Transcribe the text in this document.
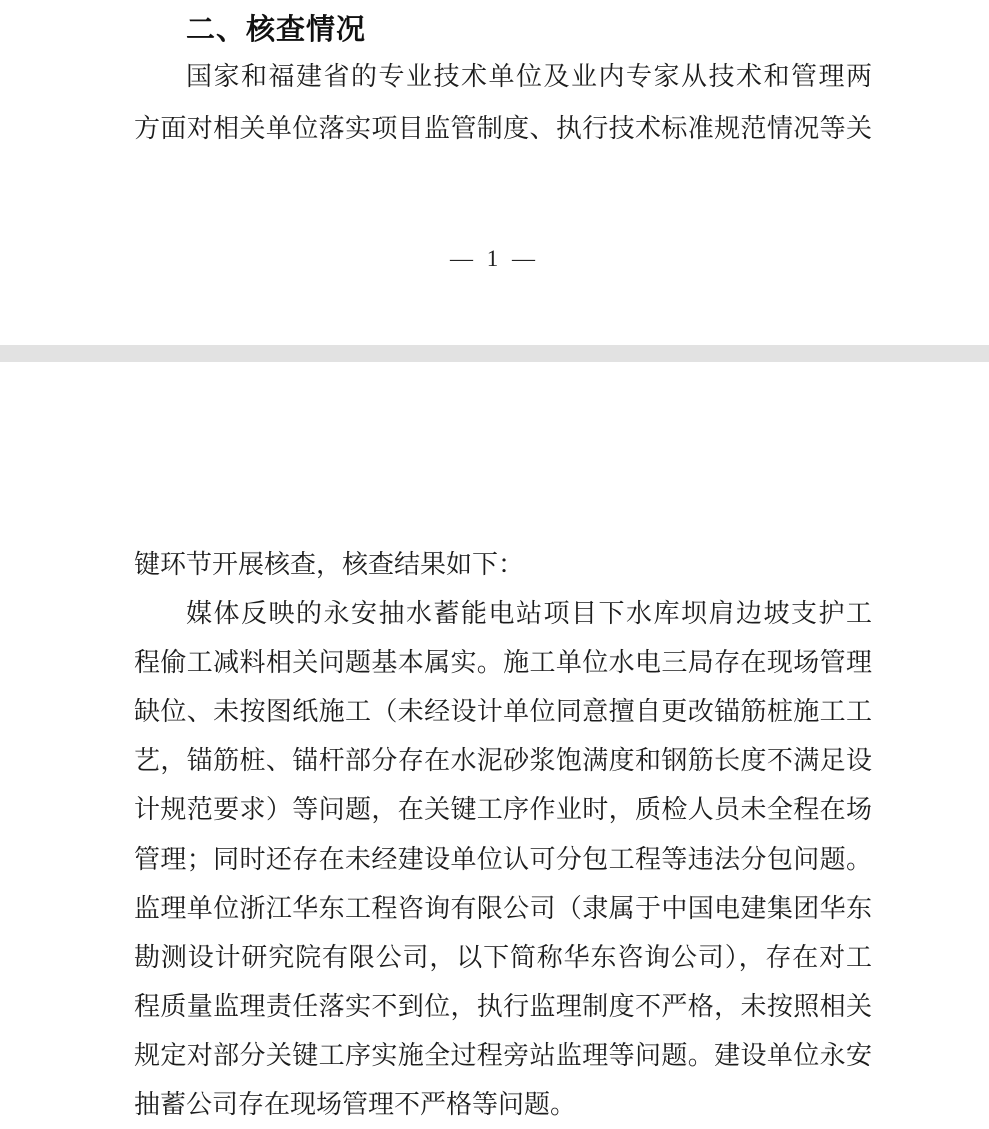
二、核查情况
国家和福建省的专业技术单位及业内专家从技术和管理两
方面对相关单位落实项目监管制度、执行技术标准规范情况等关
— 1 —
键环节开展核查，核查结果如下：
媒体反映的永安抽水蓄能电站项目下水库坝肩边坡支护工
程偷工减料相关问题基本属实。施工单位水电三局存在现场管理
缺位、未按图纸施工（未经设计单位同意擅自更改锚筋桩施工工
艺，锚筋桩、锚杆部分存在水泥砂浆饱满度和钢筋长度不满足设
计规范要求）等问题，在关键工序作业时，质检人员未全程在场
管理；同时还存在未经建设单位认可分包工程等违法分包问题。
监理单位浙江华东工程咨询有限公司（隶属于中国电建集团华东
勘测设计研究院有限公司，以下简称华东咨询公司），存在对工
程质量监理责任落实不到位，执行监理制度不严格，未按照相关
规定对部分关键工序实施全过程旁站监理等问题。建设单位永安
抽蓄公司存在现场管理不严格等问题。
